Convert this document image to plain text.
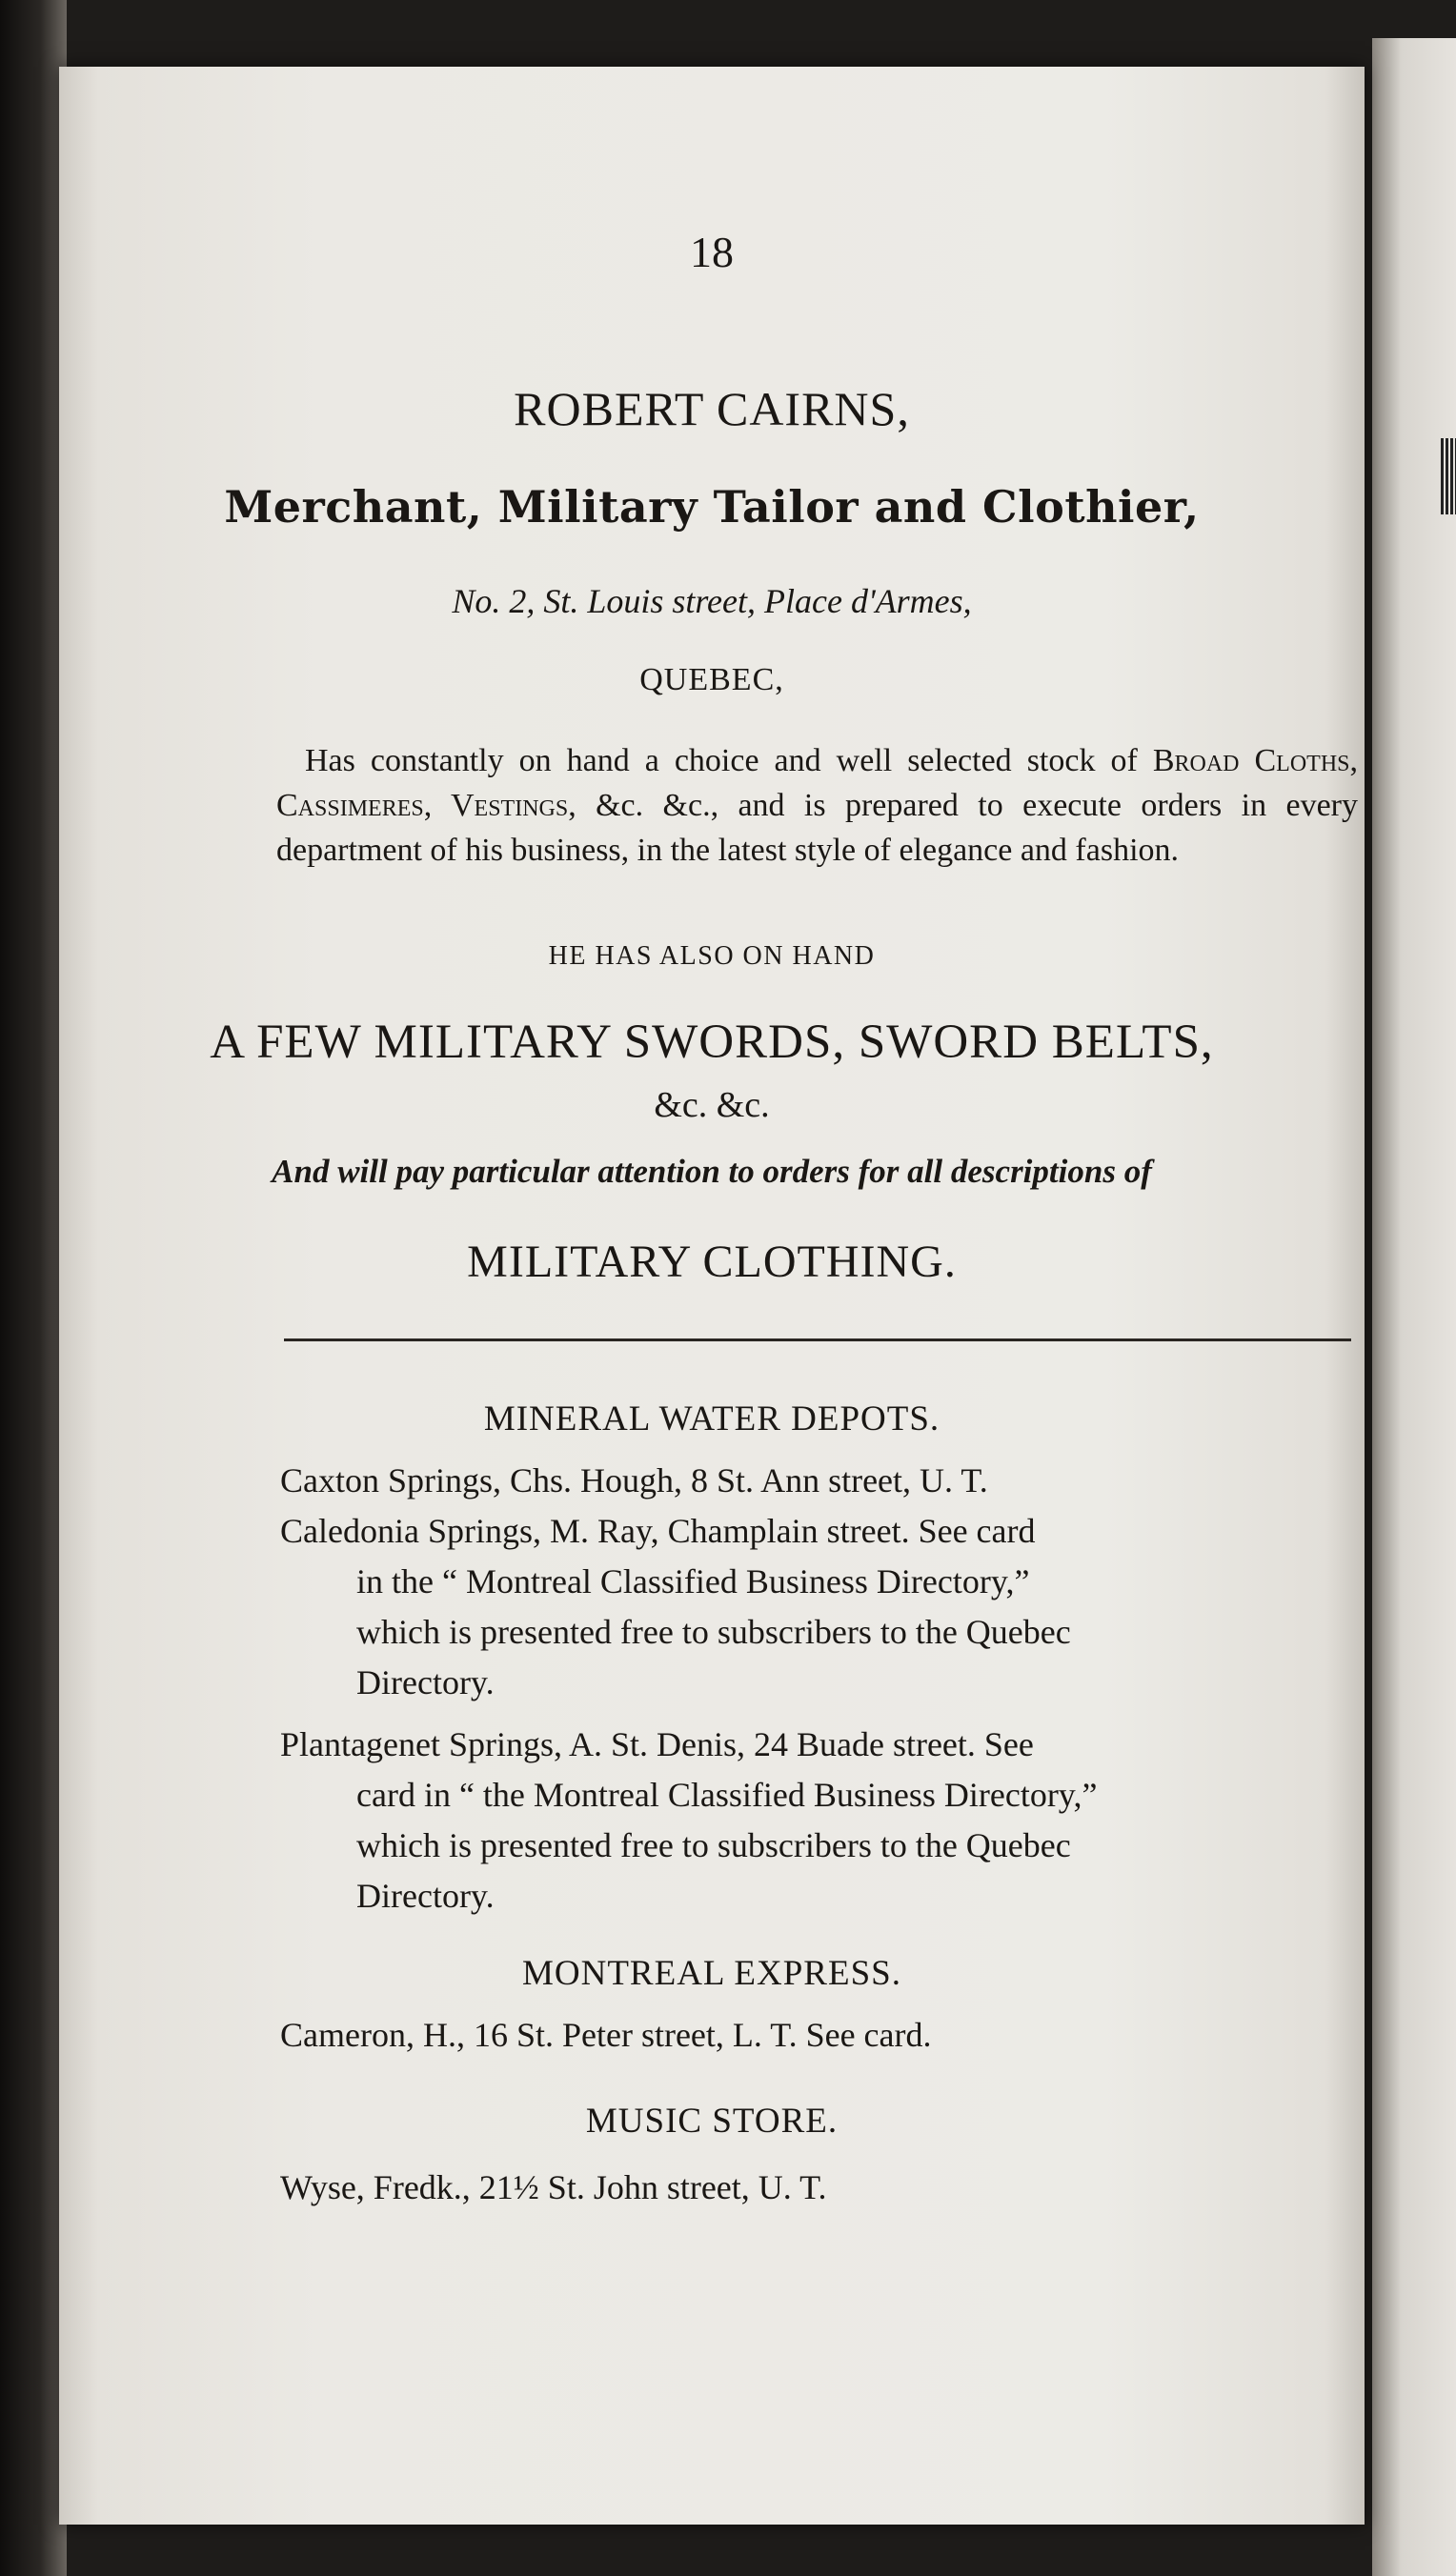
18
ROBERT CAIRNS,
Merchant, Military Tailor and Clothier,
No. 2, St. Louis street, Place d'Armes,
QUEBEC,
Has constantly on hand a choice and well selected stock of Broad Cloths, Cassimeres, Vestings, &c. &c., and is prepared to execute orders in every department of his business, in the latest style of elegance and fashion.
HE HAS ALSO ON HAND
A FEW MILITARY SWORDS, SWORD BELTS,
&c. &c.
And will pay particular attention to orders for all descriptions of
MILITARY CLOTHING.
MINERAL WATER DEPOTS.
Caxton Springs, Chs. Hough, 8 St. Ann street, U. T.
Caledonia Springs, M. Ray, Champlain street. See card
in the “ Montreal Classified Business Directory,”
which is presented free to subscribers to the Quebec
Directory.
Plantagenet Springs, A. St. Denis, 24 Buade street. See
card in “ the Montreal Classified Business Directory,”
which is presented free to subscribers to the Quebec
Directory.
MONTREAL EXPRESS.
Cameron, H., 16 St. Peter street, L. T. See card.
MUSIC STORE.
Wyse, Fredk., 21½ St. John street, U. T.
